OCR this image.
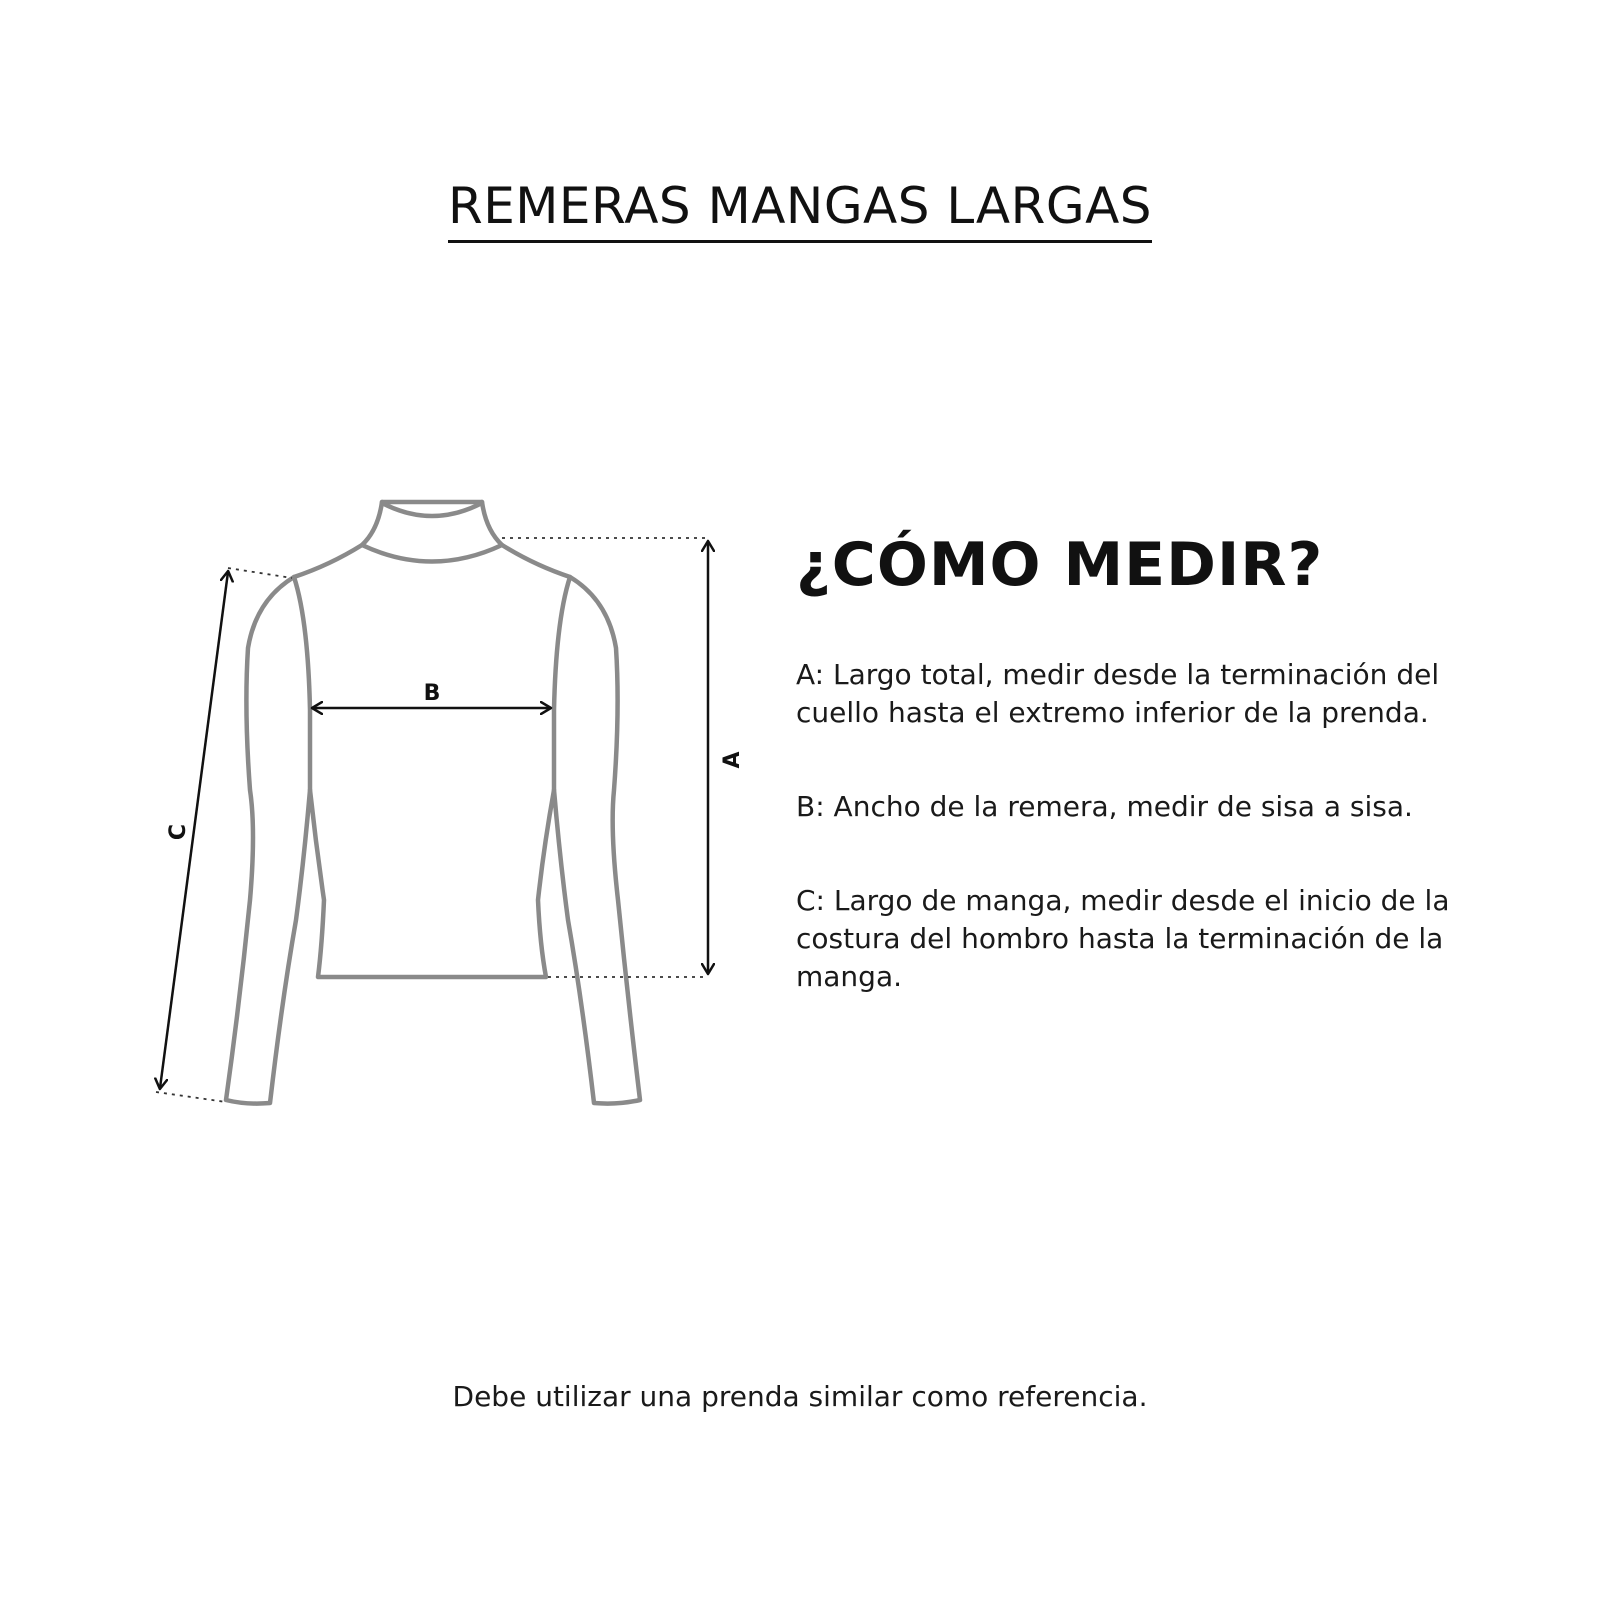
REMERAS MANGAS LARGAS
A
B
C
¿CÓMO MEDIR?

A: Largo total, medir desde la terminación del cuello hasta el extremo inferior de la prenda.

B: Ancho de la remera, medir de sisa a sisa.

C: Largo de manga, medir desde el inicio de la costura del hombro hasta la terminación de la manga.

Debe utilizar una prenda similar como referencia.
